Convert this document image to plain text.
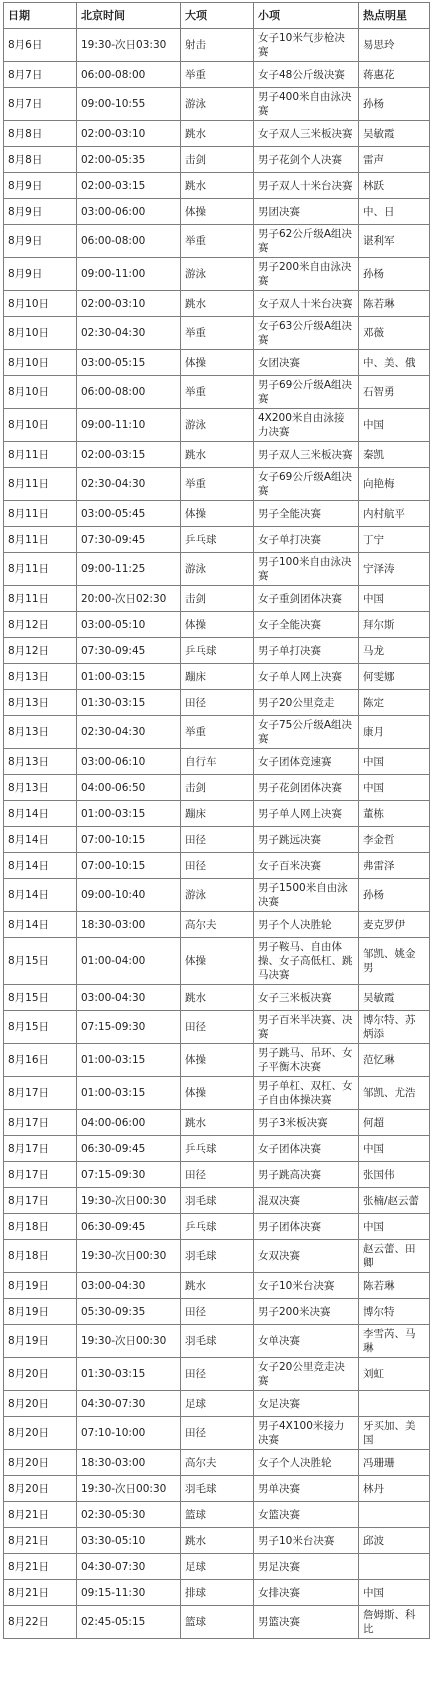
日期	北京时间	大项	小项	热点明星
8月6日	19:30-次日03:30	射击	女子10米气步枪决赛	易思玲
8月7日	06:00-08:00	举重	女子48公斤级决赛	蒋惠花
8月7日	09:00-10:55	游泳	男子400米自由泳决赛	孙杨
8月8日	02:00-03:10	跳水	女子双人三米板决赛	吴敏霞
8月8日	02:00-05:35	击剑	男子花剑个人决赛	雷声
8月9日	02:00-03:15	跳水	男子双人十米台决赛	林跃
8月9日	03:00-06:00	体操	男团决赛	中、日
8月9日	06:00-08:00	举重	男子62公斤级A组决赛	谌利军
8月9日	09:00-11:00	游泳	男子200米自由泳决赛	孙杨
8月10日	02:00-03:10	跳水	女子双人十米台决赛	陈若琳
8月10日	02:30-04:30	举重	女子63公斤级A组决赛	邓薇
8月10日	03:00-05:15	体操	女团决赛	中、美、俄
8月10日	06:00-08:00	举重	男子69公斤级A组决赛	石智勇
8月10日	09:00-11:10	游泳	4X200米自由泳接力决赛	中国
8月11日	02:00-03:15	跳水	男子双人三米板决赛	秦凯
8月11日	02:30-04:30	举重	女子69公斤级A组决赛	向艳梅
8月11日	03:00-05:45	体操	男子全能决赛	内村航平
8月11日	07:30-09:45	乒乓球	女子单打决赛	丁宁
8月11日	09:00-11:25	游泳	男子100米自由泳决赛	宁泽涛
8月11日	20:00-次日02:30	击剑	女子重剑团体决赛	中国
8月12日	03:00-05:10	体操	女子全能决赛	拜尔斯
8月12日	07:30-09:45	乒乓球	男子单打决赛	马龙
8月13日	01:00-03:15	蹦床	女子单人网上决赛	何雯娜
8月13日	01:30-03:15	田径	男子20公里竞走	陈定
8月13日	02:30-04:30	举重	女子75公斤级A组决赛	康月
8月13日	03:00-06:10	自行车	女子团体竞速赛	中国
8月13日	04:00-06:50	击剑	男子花剑团体决赛	中国
8月14日	01:00-03:15	蹦床	男子单人网上决赛	董栋
8月14日	07:00-10:15	田径	男子跳远决赛	李金哲
8月14日	07:00-10:15	田径	女子百米决赛	弗雷泽
8月14日	09:00-10:40	游泳	男子1500米自由泳决赛	孙杨
8月14日	18:30-03:00	高尔夫	男子个人决胜轮	麦克罗伊
8月15日	01:00-04:00	体操	男子鞍马、自由体操、女子高低杠、跳马决赛	邹凯、姚金男
8月15日	03:00-04:30	跳水	女子三米板决赛	吴敏霞
8月15日	07:15-09:30	田径	男子百米半决赛、决赛	博尔特、苏炳添
8月16日	01:00-03:15	体操	男子跳马、吊环、女子平衡木决赛	范忆琳
8月17日	01:00-03:15	体操	男子单杠、双杠、女子自由体操决赛	邹凯、尤浩
8月17日	04:00-06:00	跳水	男子3米板决赛	何超
8月17日	06:30-09:45	乒乓球	女子团体决赛	中国
8月17日	07:15-09:30	田径	男子跳高决赛	张国伟
8月17日	19:30-次日00:30	羽毛球	混双决赛	张楠/赵云蕾
8月18日	06:30-09:45	乒乓球	男子团体决赛	中国
8月18日	19:30-次日00:30	羽毛球	女双决赛	赵云蕾、田卿
8月19日	03:00-04:30	跳水	女子10米台决赛	陈若琳
8月19日	05:30-09:35	田径	男子200米决赛	博尔特
8月19日	19:30-次日00:30	羽毛球	女单决赛	李雪芮、马琳
8月20日	01:30-03:15	田径	女子20公里竞走决赛	刘虹
8月20日	04:30-07:30	足球	女足决赛	
8月20日	07:10-10:00	田径	男子4X100米接力决赛	牙买加、美国
8月20日	18:30-03:00	高尔夫	女子个人决胜轮	冯珊珊
8月20日	19:30-次日00:30	羽毛球	男单决赛	林丹
8月21日	02:30-05:30	篮球	女篮决赛	
8月21日	03:30-05:10	跳水	男子10米台决赛	邱波
8月21日	04:30-07:30	足球	男足决赛	
8月21日	09:15-11:30	排球	女排决赛	中国
8月22日	02:45-05:15	篮球	男篮决赛	詹姆斯、科比
